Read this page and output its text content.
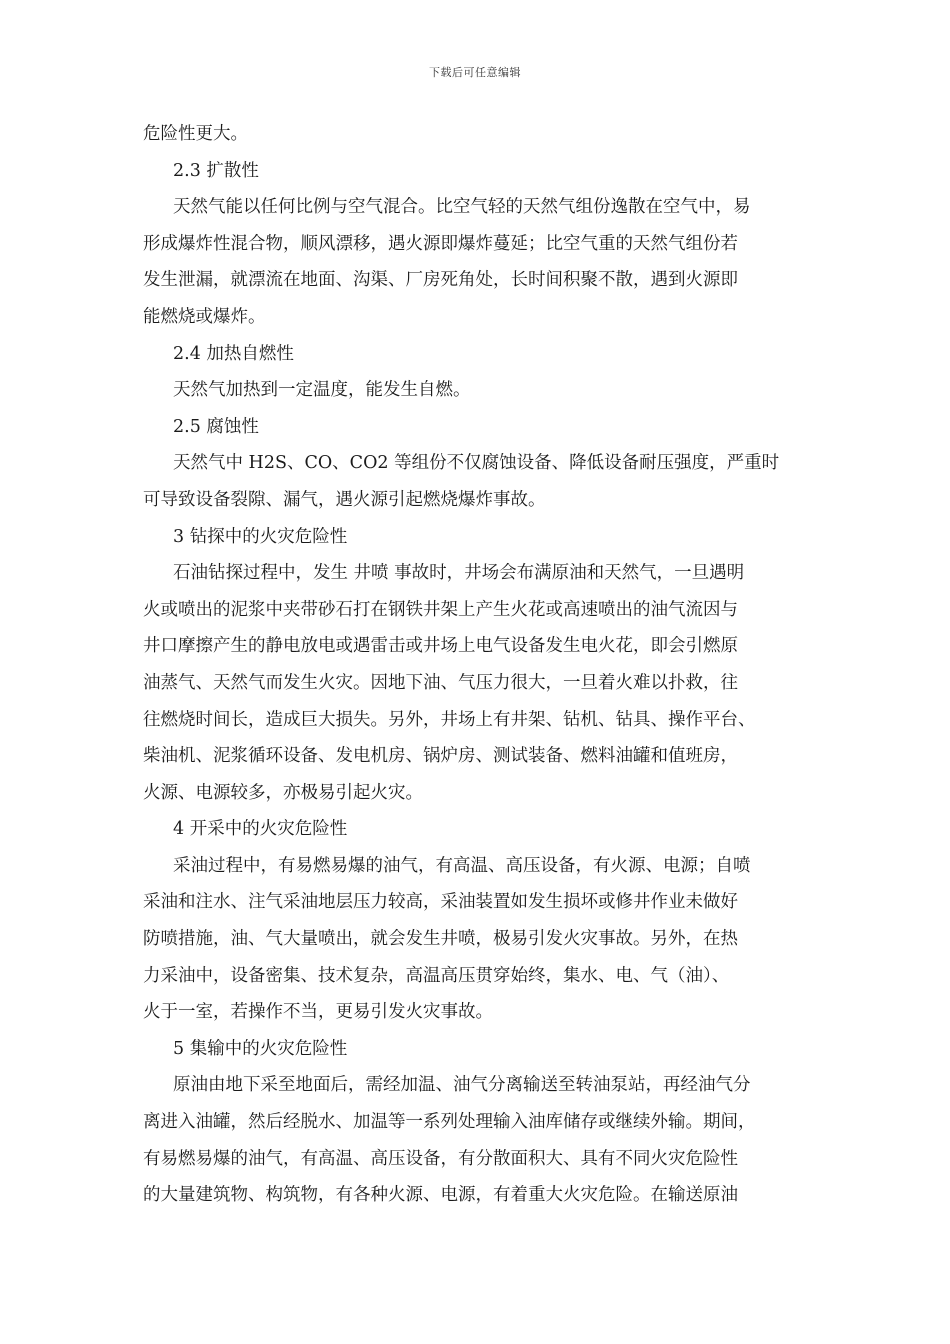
下载后可任意编辑
危险性更大。
2.3 扩散性
天然气能以任何比例与空气混合。比空气轻的天然气组份逸散在空气中，易
形成爆炸性混合物，顺风漂移，遇火源即爆炸蔓延；比空气重的天然气组份若
发生泄漏，就漂流在地面、沟渠、厂房死角处，长时间积聚不散，遇到火源即
能燃烧或爆炸。
2.4 加热自燃性
天然气加热到一定温度，能发生自燃。
2.5 腐蚀性
天然气中 H2S、CO、CO2 等组份不仅腐蚀设备、降低设备耐压强度，严重时
可导致设备裂隙、漏气，遇火源引起燃烧爆炸事故。
3 钻探中的火灾危险性
石油钻探过程中，发生 井喷 事故时，井场会布满原油和天然气，一旦遇明
火或喷出的泥浆中夹带砂石打在钢铁井架上产生火花或高速喷出的油气流因与
井口摩擦产生的静电放电或遇雷击或井场上电气设备发生电火花，即会引燃原
油蒸气、天然气而发生火灾。因地下油、气压力很大，一旦着火难以扑救，往
往燃烧时间长，造成巨大损失。另外，井场上有井架、钻机、钻具、操作平台、
柴油机、泥浆循环设备、发电机房、锅炉房、测试装备、燃料油罐和值班房，
火源、电源较多，亦极易引起火灾。
4 开采中的火灾危险性
采油过程中，有易燃易爆的油气，有高温、高压设备，有火源、电源；自喷
采油和注水、注气采油地层压力较高，采油装置如发生损坏或修井作业未做好
防喷措施，油、气大量喷出，就会发生井喷，极易引发火灾事故。另外，在热
力采油中，设备密集、技术复杂，高温高压贯穿始终，集水、电、气（油）、
火于一室，若操作不当，更易引发火灾事故。
5 集输中的火灾危险性
原油由地下采至地面后，需经加温、油气分离输送至转油泵站，再经油气分
离进入油罐，然后经脱水、加温等一系列处理输入油库储存或继续外输。期间，
有易燃易爆的油气，有高温、高压设备，有分散面积大、具有不同火灾危险性
的大量建筑物、构筑物，有各种火源、电源，有着重大火灾危险。在输送原油
